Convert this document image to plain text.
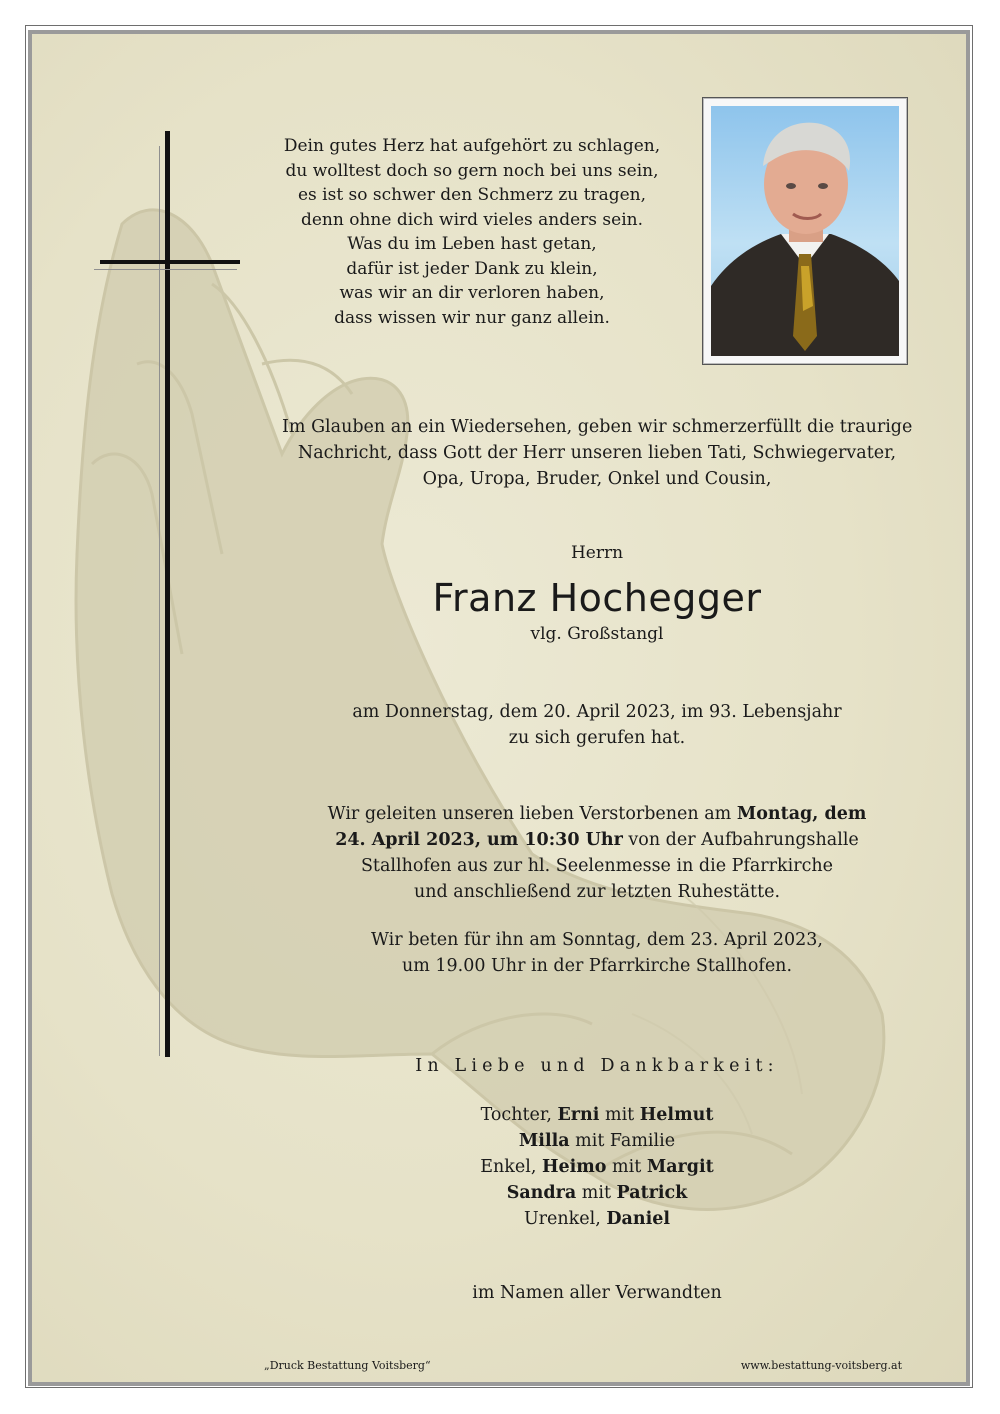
Dein gutes Herz hat aufgehört zu schlagen,
du wolltest doch so gern noch bei uns sein,
es ist so schwer den Schmerz zu tragen,
denn ohne dich wird vieles anders sein.
Was du im Leben hast getan,
dafür ist jeder Dank zu klein,
was wir an dir verloren haben,
dass wissen wir nur ganz allein.
Im Glauben an ein Wiedersehen, geben wir schmerzerfüllt die traurige
Nachricht, dass Gott der Herr unseren lieben Tati, Schwiegervater,
Opa, Uropa, Bruder, Onkel und Cousin,
Herrn
Franz Hochegger
vlg. Großstangl
am Donnerstag, dem 20. April 2023, im 93. Lebensjahr
zu sich gerufen hat.
Wir geleiten unseren lieben Verstorbenen am Montag, dem
24. April 2023, um 10:30 Uhr von der Aufbahrungshalle
Stallhofen aus zur hl. Seelenmesse in die Pfarrkirche
und anschließend zur letzten Ruhestätte.
Wir beten für ihn am Sonntag, dem 23. April 2023,
um 19.00 Uhr in der Pfarrkirche Stallhofen.
In Liebe und Dankbarkeit:
Tochter, Erni mit Helmut
Milla mit Familie
Enkel, Heimo mit Margit
Sandra mit Patrick
Urenkel, Daniel
im Namen aller Verwandten
„Druck Bestattung Voitsberg“	www.bestattung-voitsberg.at
